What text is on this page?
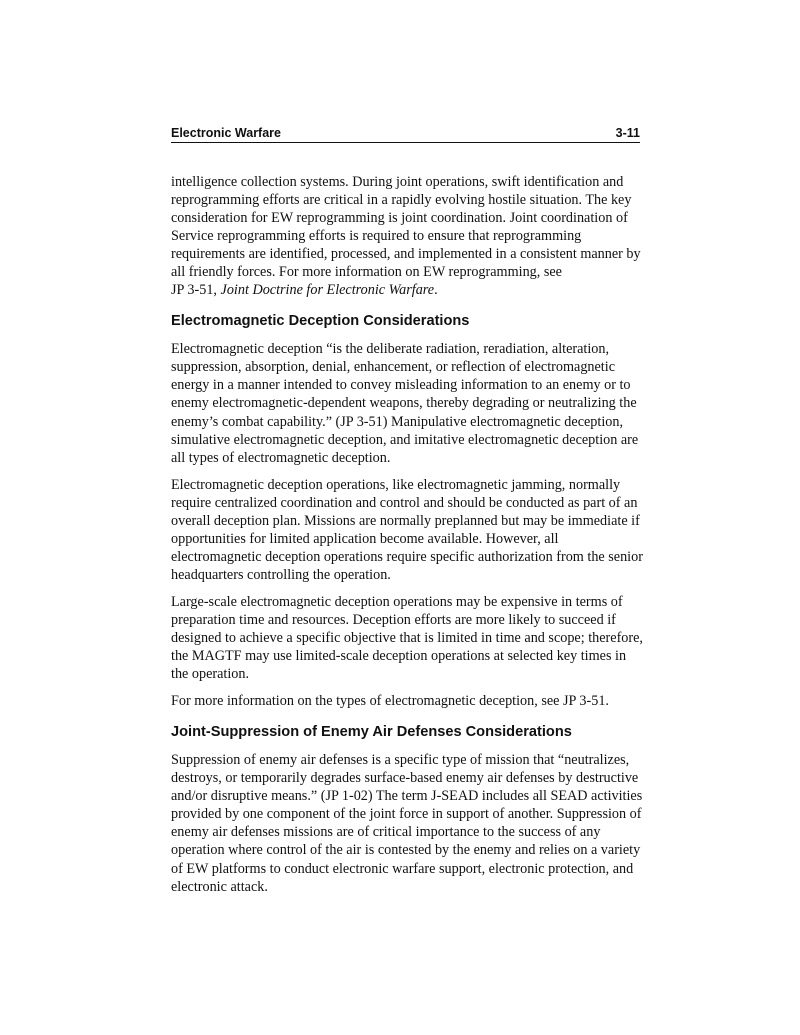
Electronic Warfare	3-11

intelligence collection systems. During joint operations, swift identification and reprogramming efforts are critical in a rapidly evolving hostile situation. The key consideration for EW reprogramming is joint coordination. Joint coordination of Service reprogramming efforts is required to ensure that reprogramming requirements are identified, processed, and implemented in a consistent manner by all friendly forces. For more information on EW reprogramming, see
JP 3-51, Joint Doctrine for Electronic Warfare.

Electromagnetic Deception Considerations

Electromagnetic deception “is the deliberate radiation, reradiation, alteration, suppression, absorption, denial, enhancement, or reflection of electromagnetic energy in a manner intended to convey misleading information to an enemy or to enemy electromagnetic-dependent weapons, thereby degrading or neutralizing the enemy’s combat capability.” (JP 3-51) Manipulative electromagnetic deception, simulative electromagnetic deception, and imitative electromagnetic deception are all types of electromagnetic deception.

Electromagnetic deception operations, like electromagnetic jamming, normally require centralized coordination and control and should be conducted as part of an overall deception plan. Missions are normally preplanned but may be immediate if opportunities for limited application become available. However, all electromagnetic deception operations require specific authorization from the senior headquarters controlling the operation.

Large-scale electromagnetic deception operations may be expensive in terms of preparation time and resources. Deception efforts are more likely to succeed if designed to achieve a specific objective that is limited in time and scope; therefore, the MAGTF may use limited-scale deception operations at selected key times in the operation.

For more information on the types of electromagnetic deception, see JP 3-51.

Joint-Suppression of Enemy Air Defenses Considerations

Suppression of enemy air defenses is a specific type of mission that “neutralizes, destroys, or temporarily degrades surface-based enemy air defenses by destructive and/or disruptive means.” (JP 1-02) The term J-SEAD includes all SEAD activities provided by one component of the joint force in support of another. Suppression of enemy air defenses missions are of critical importance to the success of any operation where control of the air is contested by the enemy and relies on a variety of EW platforms to conduct electronic warfare support, electronic protection, and electronic attack.
